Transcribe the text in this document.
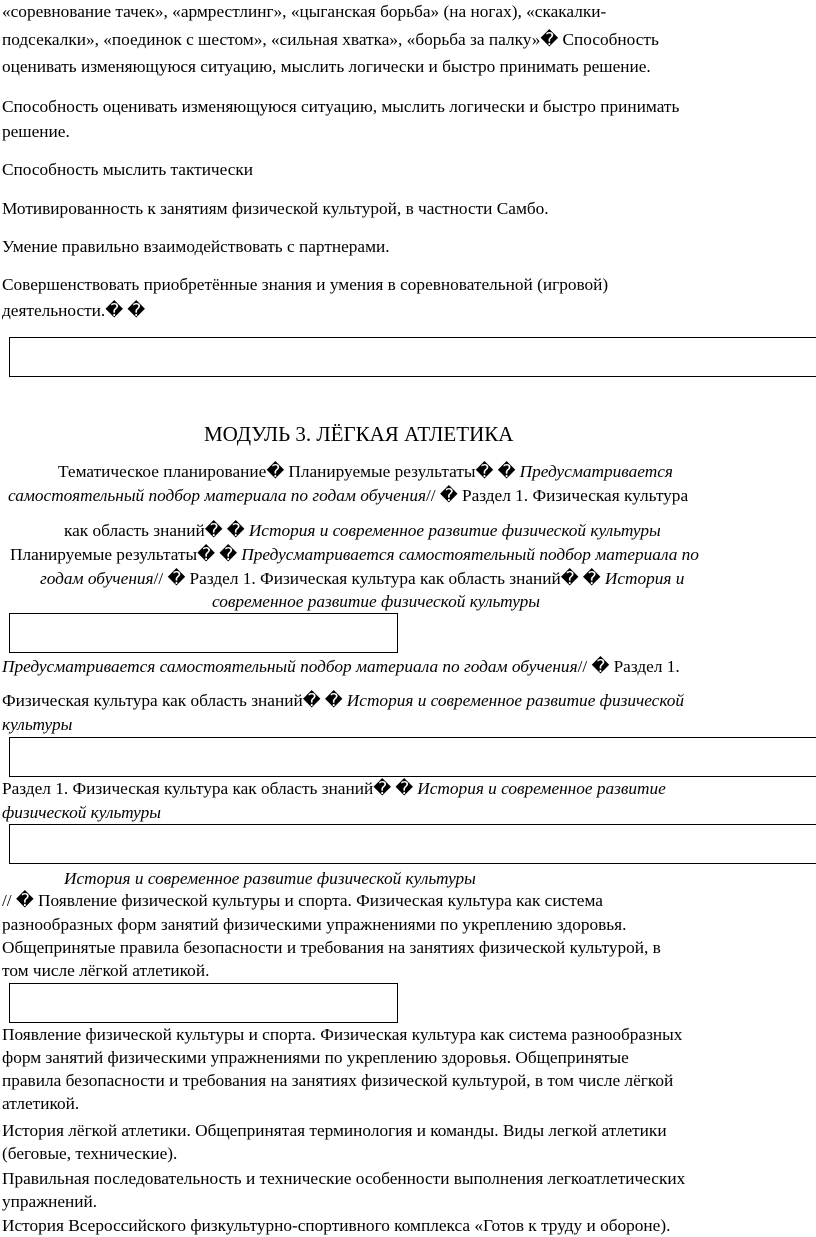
«соревнование тачек», «армрестлинг», «цыганская борьба» (на ногах), «скакалки-
подсекалки», «поединок с шестом», «сильная хватка», «борьба за палку»� Способность
оценивать изменяющуюся ситуацию, мыслить логически и быстро принимать решение.
Способность оценивать изменяющуюся ситуацию, мыслить логически и быстро принимать
решение.
Способность мыслить тактически
Мотивированность к занятиям физической культурой, в частности Самбо.
Умение правильно взаимодействовать с партнерами.
Совершенствовать приобретённые знания и умения в соревновательной (игровой)
деятельности.� �
МОДУЛЬ 3. ЛЁГКАЯ АТЛЕТИКА
Тематическое планирование� Планируемые результаты� � Предусматривается
самостоятельный подбор материала по годам обучения// � Раздел 1. Физическая культура
как область знаний� � История и современное развитие физической культуры
Планируемые результаты� � Предусматривается самостоятельный подбор материала по
годам обучения// � Раздел 1. Физическая культура как область знаний� � История и
современное развитие физической культуры
Предусматривается самостоятельный подбор материала по годам обучения// � Раздел 1.
Физическая культура как область знаний� � История и современное развитие физической
культуры
Раздел 1. Физическая культура как область знаний� � История и современное развитие
физической культуры
История и современное развитие физической культуры
// � Появление физической культуры и спорта. Физическая культура как система
разнообразных форм занятий физическими упражнениями по укреплению здоровья.
Общепринятые правила безопасности и требования на занятиях физической культурой, в
том числе лёгкой атлетикой.
Появление физической культуры и спорта. Физическая культура как система разнообразных
форм занятий физическими упражнениями по укреплению здоровья. Общепринятые
правила безопасности и требования на занятиях физической культурой, в том числе лёгкой
атлетикой.
История лёгкой атлетики. Общепринятая терминология и команды. Виды легкой атлетики
(беговые, технические).
Правильная последовательность и технические особенности выполнения легкоатлетических
упражнений.
История Всероссийского физкультурно-спортивного комплекса «Готов к труду и обороне).
